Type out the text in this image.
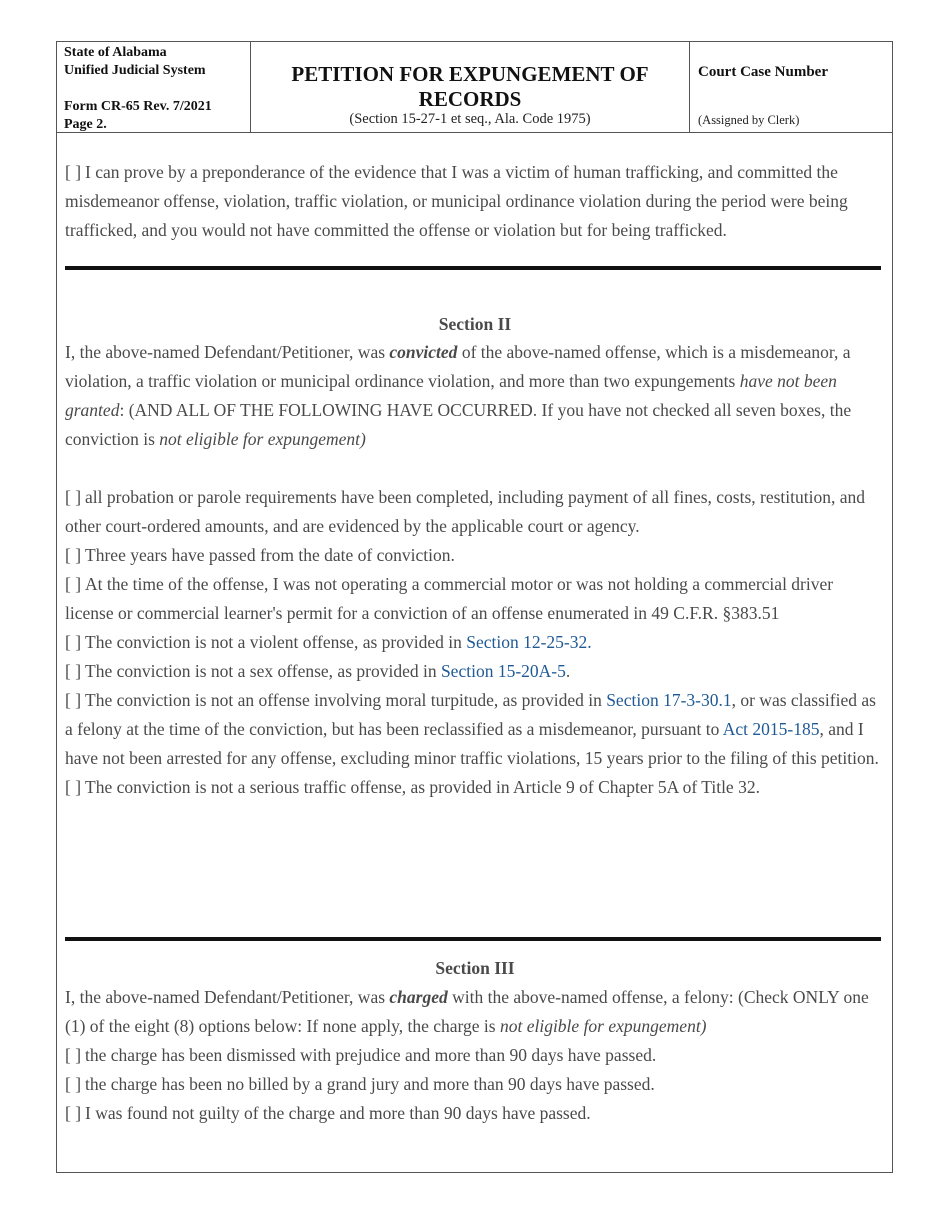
State of Alabama
Unified Judicial System
Form CR-65 Rev. 7/2021
Page 2.
PETITION FOR EXPUNGEMENT OF
RECORDS
(Section 15-27-1 et seq., Ala. Code 1975)
Court Case Number
(Assigned by Clerk)

[ ] I can prove by a preponderance of the evidence that I was a victim of human trafficking, and committed the misdemeanor offense, violation, traffic violation, or municipal ordinance violation during the period were being trafficked, and you would not have committed the offense or violation but for being trafficked.

Section II

I, the above-named Defendant/Petitioner, was convicted of the above-named offense, which is a misdemeanor, a violation, a traffic violation or municipal ordinance violation, and more than two expungements have not been granted: (AND ALL OF THE FOLLOWING HAVE OCCURRED. If you have not checked all seven boxes, the conviction is not eligible for expungement)

[ ] all probation or parole requirements have been completed, including payment of all fines, costs, restitution, and other court-ordered amounts, and are evidenced by the applicable court or agency.
[ ] Three years have passed from the date of conviction.
[ ] At the time of the offense, I was not operating a commercial motor or was not holding a commercial driver license or commercial learner's permit for a conviction of an offense enumerated in 49 C.F.R. §383.51
[ ] The conviction is not a violent offense, as provided in Section 12-25-32.
[ ] The conviction is not a sex offense, as provided in Section 15-20A-5.
[ ] The conviction is not an offense involving moral turpitude, as provided in Section 17-3-30.1, or was classified as a felony at the time of the conviction, but has been reclassified as a misdemeanor, pursuant to Act 2015-185, and I have not been arrested for any offense, excluding minor traffic violations, 15 years prior to the filing of this petition.
[ ] The conviction is not a serious traffic offense, as provided in Article 9 of Chapter 5A of Title 32.
Section III

I, the above-named Defendant/Petitioner, was charged with the above-named offense, a felony: (Check ONLY one (1) of the eight (8) options below: If none apply, the charge is not eligible for expungement)

[ ] the charge has been dismissed with prejudice and more than 90 days have passed.
[ ] the charge has been no billed by a grand jury and more than 90 days have passed.
[ ] I was found not guilty of the charge and more than 90 days have passed.
